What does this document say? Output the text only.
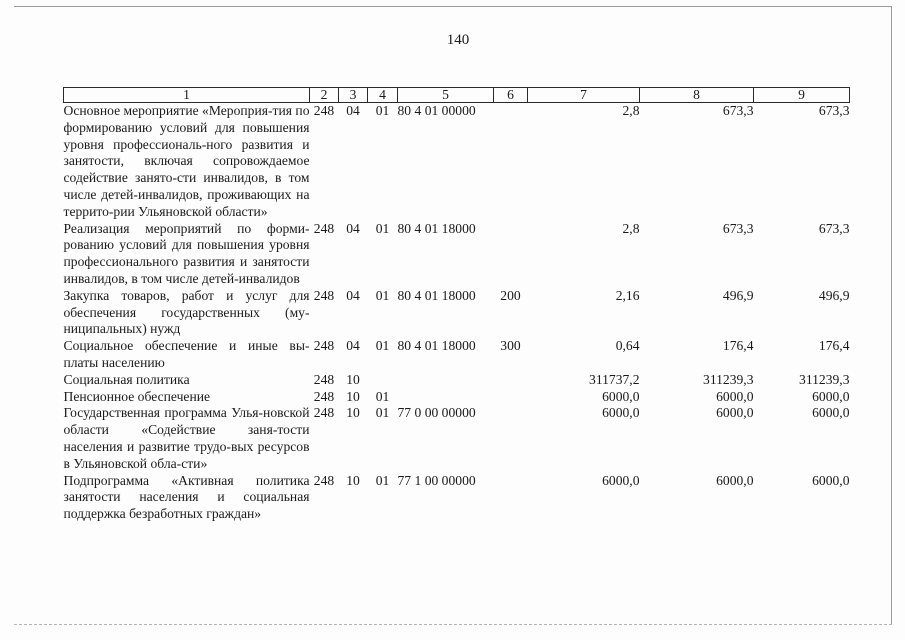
140
1	2	3	4	5	6	7	8	9
Основное мероприятие «Мероприя-тия по формированию условий для повышения уровня профессиональ-ного развития и занятости, включая сопровождаемое содействие занято-сти инвалидов, в том числе детей-инвалидов, проживающих на террито-рии Ульяновской области»	248	04	01	80 4 01 00000		2,8	673,3	673,3
Реализация мероприятий по форми-рованию условий для повышения уровня профессионального развития и занятости инвалидов, в том числе детей-инвалидов	248	04	01	80 4 01 18000		2,8	673,3	673,3
Закупка товаров, работ и услуг для обеспечения государственных (му-ниципальных) нужд	248	04	01	80 4 01 18000	200	2,16	496,9	496,9
Социальное обеспечение и иные вы-платы населению	248	04	01	80 4 01 18000	300	0,64	176,4	176,4
Социальная политика	248	10				311737,2	311239,3	311239,3
Пенсионное обеспечение	248	10	01			6000,0	6000,0	6000,0
Государственная программа Улья-новской области «Содействие заня-тости населения и развитие трудо-вых ресурсов в Ульяновской обла-сти»	248	10	01	77 0 00 00000		6000,0	6000,0	6000,0
Подпрограмма «Активная политика занятости населения и социальная поддержка безработных граждан»	248	10	01	77 1 00 00000		6000,0	6000,0	6000,0
